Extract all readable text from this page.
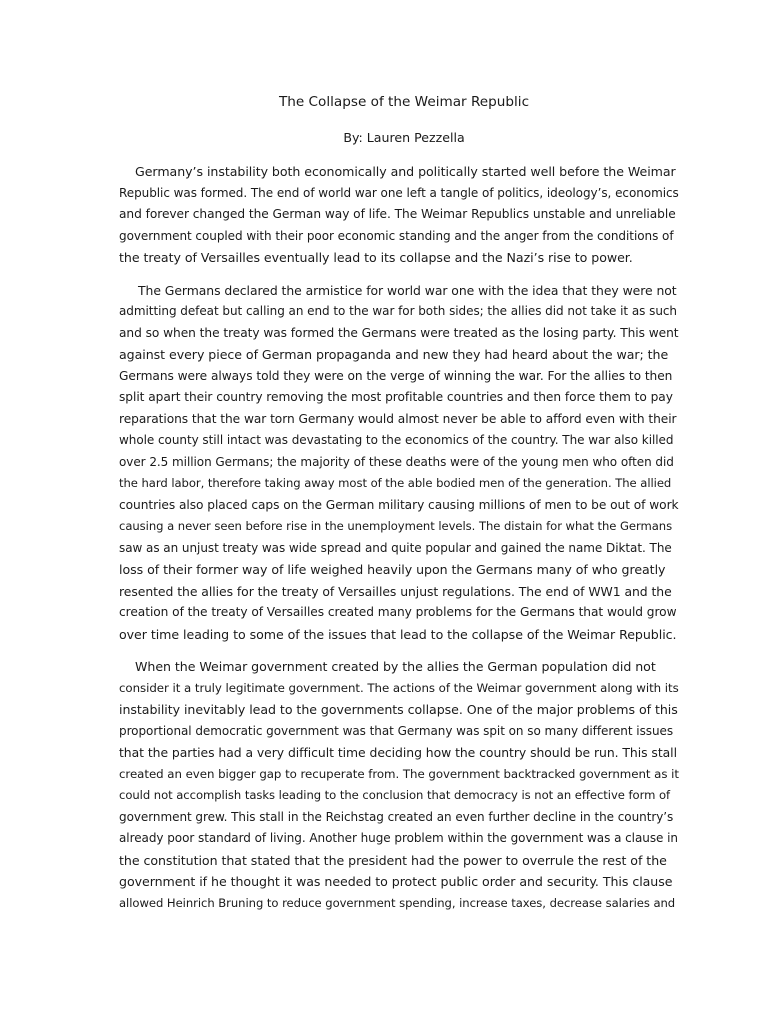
The Collapse of the Weimar Republic

By: Lauren Pezzella

Germany’s instability both economically and politically started well before the Weimar
Republic was formed. The end of world war one left a tangle of politics, ideology’s, economics
and forever changed the German way of life. The Weimar Republics unstable and unreliable
government coupled with their poor economic standing and the anger from the conditions of
the treaty of Versailles eventually lead to its collapse and the Nazi’s rise to power.

The Germans declared the armistice for world war one with the idea that they were not
admitting defeat but calling an end to the war for both sides; the allies did not take it as such
and so when the treaty was formed the Germans were treated as the losing party. This went
against every piece of German propaganda and new they had heard about the war; the
Germans were always told they were on the verge of winning the war. For the allies to then
split apart their country removing the most profitable countries and then force them to pay
reparations that the war torn Germany would almost never be able to afford even with their
whole county still intact was devastating to the economics of the country. The war also killed
over 2.5 million Germans; the majority of these deaths were of the young men who often did
the hard labor, therefore taking away most of the able bodied men of the generation. The allied
countries also placed caps on the German military causing millions of men to be out of work
causing a never seen before rise in the unemployment levels. The distain for what the Germans
saw as an unjust treaty was wide spread and quite popular and gained the name Diktat. The
loss of their former way of life weighed heavily upon the Germans many of who greatly
resented the allies for the treaty of Versailles unjust regulations. The end of WW1 and the
creation of the treaty of Versailles created many problems for the Germans that would grow
over time leading to some of the issues that lead to the collapse of the Weimar Republic.

When the Weimar government created by the allies the German population did not
consider it a truly legitimate government. The actions of the Weimar government along with its
instability inevitably lead to the governments collapse. One of the major problems of this
proportional democratic government was that Germany was spit on so many different issues
that the parties had a very difficult time deciding how the country should be run. This stall
created an even bigger gap to recuperate from. The government backtracked government as it
could not accomplish tasks leading to the conclusion that democracy is not an effective form of
government grew. This stall in the Reichstag created an even further decline in the country’s
already poor standard of living. Another huge problem within the government was a clause in
the constitution that stated that the president had the power to overrule the rest of the
government if he thought it was needed to protect public order and security. This clause
allowed Heinrich Bruning to reduce government spending, increase taxes, decrease salaries and
